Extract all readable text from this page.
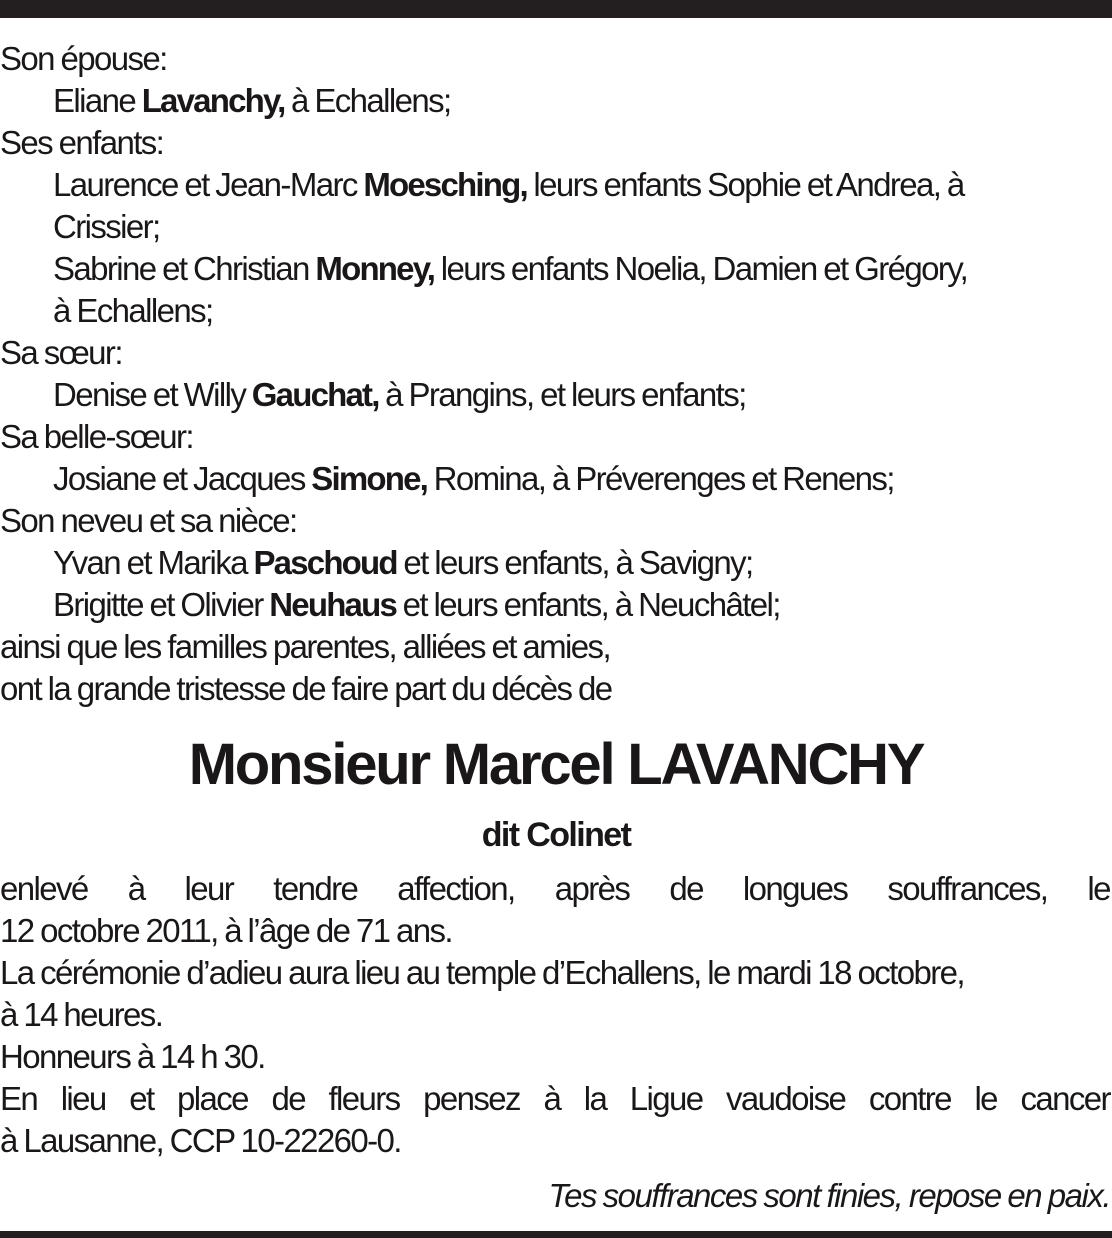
Son épouse:
Eliane Lavanchy, à Echallens;
Ses enfants:
Laurence et Jean-Marc Moesching, leurs enfants Sophie et Andrea, à
Crissier;
Sabrine et Christian Monney, leurs enfants Noelia, Damien et Grégory,
à Echallens;
Sa sœur:
Denise et Willy Gauchat, à Prangins, et leurs enfants;
Sa belle-sœur:
Josiane et Jacques Simone, Romina, à Préverenges et Renens;
Son neveu et sa nièce:
Yvan et Marika Paschoud et leurs enfants, à Savigny;
Brigitte et Olivier Neuhaus et leurs enfants, à Neuchâtel;
ainsi que les familles parentes, alliées et amies,
ont la grande tristesse de faire part du décès de
Monsieur Marcel LAVANCHY
dit Colinet
enlevé à leur tendre affection, après de longues souffrances, le
12 octobre 2011, à l’âge de 71 ans.
La cérémonie d’adieu aura lieu au temple d’Echallens, le mardi 18 octobre,
à 14 heures.
Honneurs à 14 h 30.
En lieu et place de fleurs pensez à la Ligue vaudoise contre le cancer
à Lausanne, CCP 10-22260-0.
Tes souffrances sont finies, repose en paix.
